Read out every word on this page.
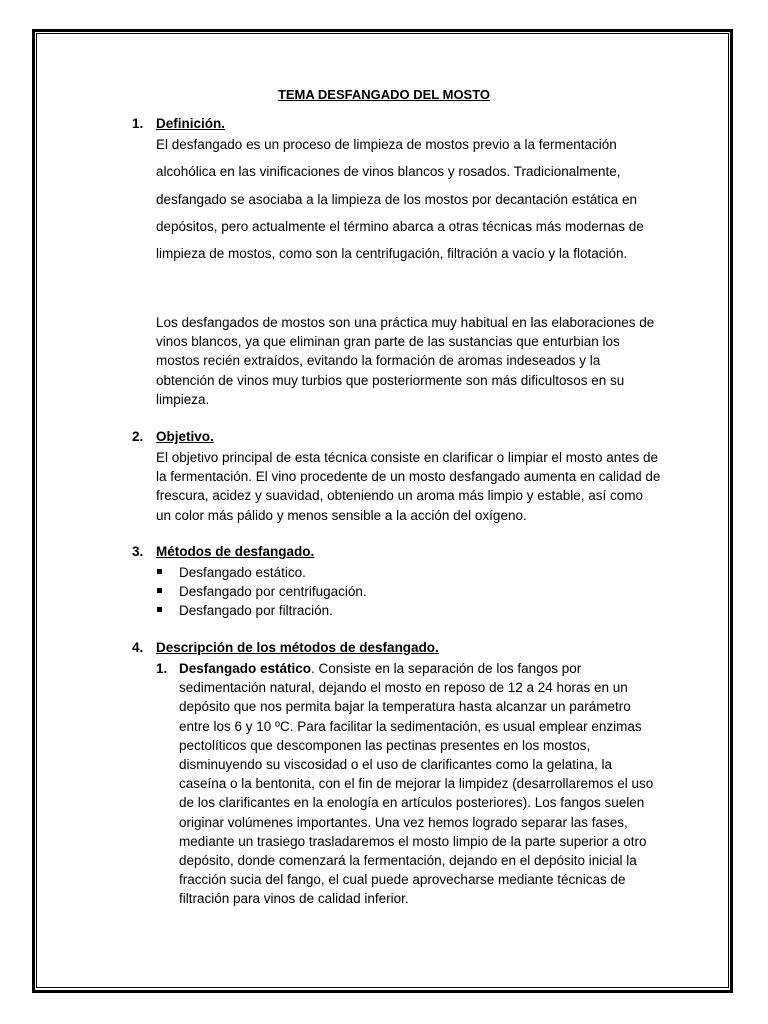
TEMA DESFANGADO DEL MOSTO
1. Definición.

El desfangado es un proceso de limpieza de mostos previo a la fermentación alcohólica en las vinificaciones de vinos blancos y rosados. Tradicionalmente, desfangado se asociaba a la limpieza de los mostos por decantación estática en depósitos, pero actualmente el término abarca a otras técnicas más modernas de limpieza de mostos, como son la centrifugación, filtración a vacío y la flotación.

Los desfangados de mostos son una práctica muy habitual en las elaboraciones de vinos blancos, ya que eliminan gran parte de las sustancias que enturbian los mostos recién extraídos, evitando la formación de aromas indeseados y la obtención de vinos muy turbios que posteriormente son más dificultosos en su limpieza.

2. Objetivo.

El objetivo principal de esta técnica consiste en clarificar o limpiar el mosto antes de la fermentación. El vino procedente de un mosto desfangado aumenta en calidad de frescura, acidez y suavidad, obteniendo un aroma más limpio y estable, así como un color más pálido y menos sensible a la acción del oxígeno.

3. Métodos de desfangado.
Desfangado estático.
Desfangado por centrifugación.
Desfangado por filtración.
4. Descripción de los métodos de desfangado.
1. Desfangado estático. Consiste en la separación de los fangos por sedimentación natural, dejando el mosto en reposo de 12 a 24 horas en un depósito que nos permita bajar la temperatura hasta alcanzar un parámetro entre los 6 y 10 ºC. Para facilitar la sedimentación, es usual emplear enzimas pectolíticos que descomponen las pectinas presentes en los mostos, disminuyendo su viscosidad o el uso de clarificantes como la gelatina, la caseína o la bentonita, con el fin de mejorar la limpidez (desarrollaremos el uso de los clarificantes en la enología en artículos posteriores). Los fangos suelen originar volúmenes importantes. Una vez hemos logrado separar las fases, mediante un trasiego trasladaremos el mosto limpio de la parte superior a otro depósito, donde comenzará la fermentación, dejando en el depósito inicial la fracción sucia del fango, el cual puede aprovecharse mediante técnicas de filtración para vinos de calidad inferior.
